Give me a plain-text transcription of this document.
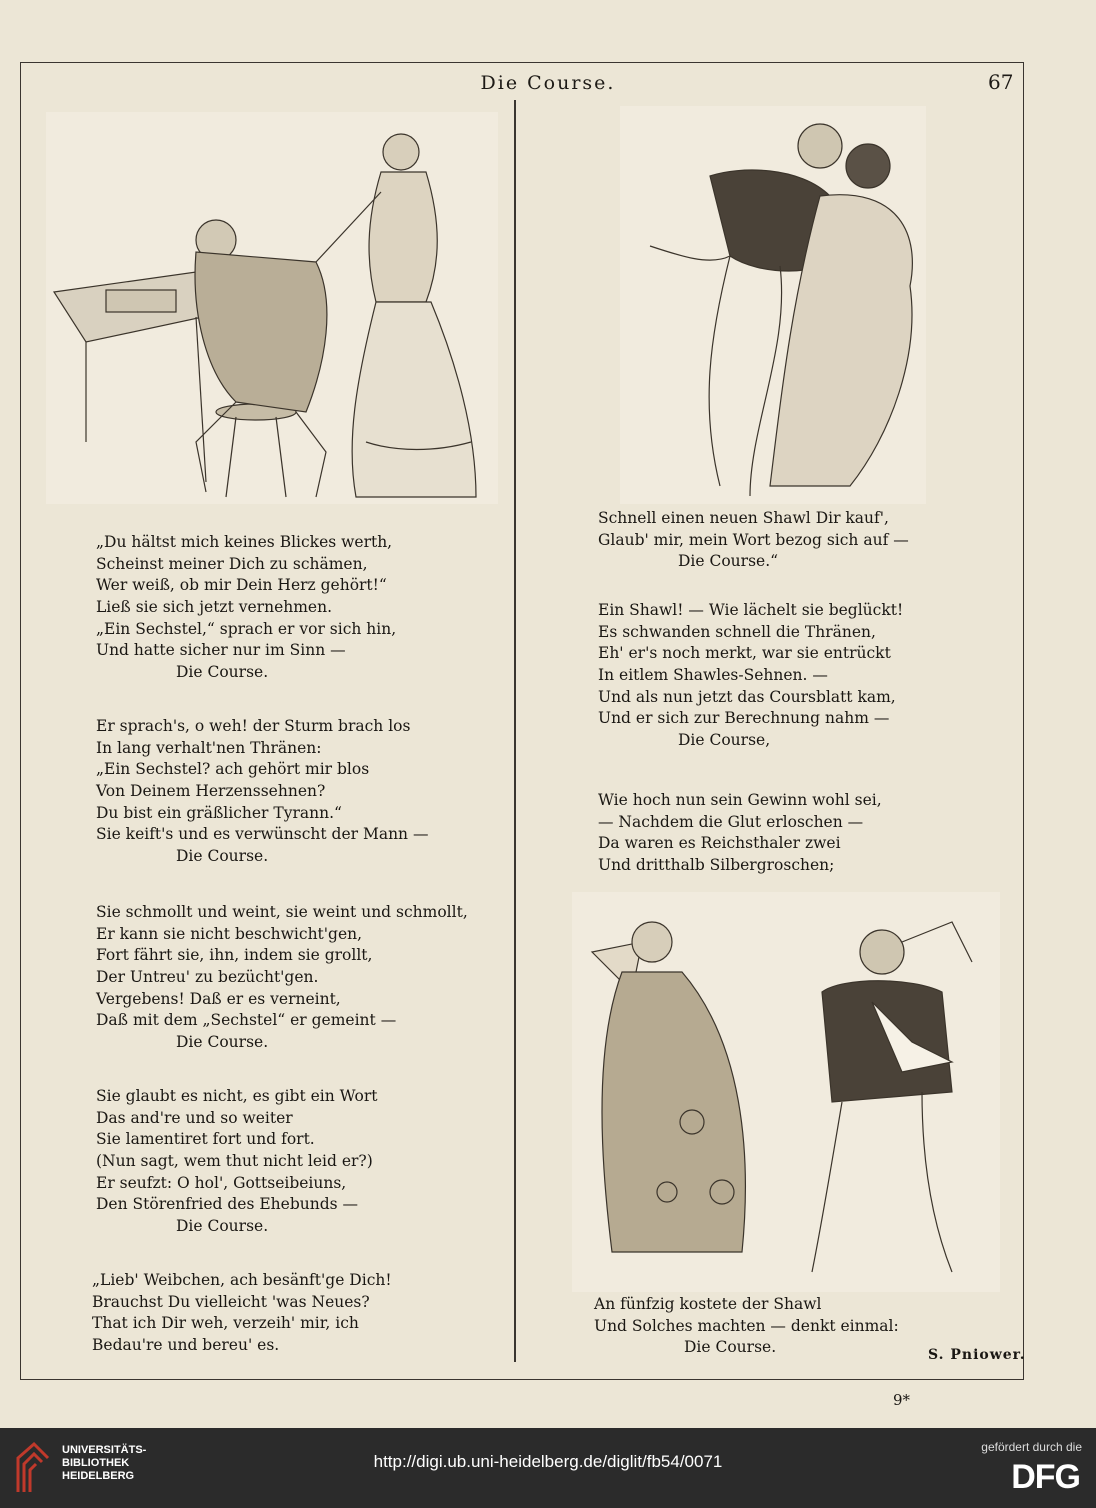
Die Course.	67
„Du hältst mich keines Blickes werth,
Scheinst meiner Dich zu schämen,
Wer weiß, ob mir Dein Herz gehört!“
Ließ sie sich jetzt vernehmen.
„Ein Sechstel,“ sprach er vor sich hin,
Und hatte sicher nur im Sinn —
Die Course.
Er sprach's, o weh! der Sturm brach los
In lang verhalt'nen Thränen:
„Ein Sechstel? ach gehört mir blos
Von Deinem Herzenssehnen?
Du bist ein gräßlicher Tyrann.“
Sie keift's und es verwünscht der Mann —
Die Course.
Sie schmollt und weint, sie weint und schmollt,
Er kann sie nicht beschwicht'gen,
Fort fährt sie, ihn, indem sie grollt,
Der Untreu' zu bezücht'gen.
Vergebens! Daß er es verneint,
Daß mit dem „Sechstel“ er gemeint —
Die Course.
Sie glaubt es nicht, es gibt ein Wort
Das and're und so weiter
Sie lamentiret fort und fort.
(Nun sagt, wem thut nicht leid er?)
Er seufzt: O hol', Gottseibeiuns,
Den Störenfried des Ehebunds —
Die Course.
„Lieb' Weibchen, ach besänft'ge Dich!
Brauchst Du vielleicht 'was Neues?
That ich Dir weh, verzeih' mir, ich
Bedau're und bereu' es.
Schnell einen neuen Shawl Dir kauf',
Glaub' mir, mein Wort bezog sich auf —
Die Course.“
Ein Shawl! — Wie lächelt sie beglückt!
Es schwanden schnell die Thränen,
Eh' er's noch merkt, war sie entrückt
In eitlem Shawles-Sehnen. —
Und als nun jetzt das Coursblatt kam,
Und er sich zur Berechnung nahm —
Die Course,
Wie hoch nun sein Gewinn wohl sei,
— Nachdem die Glut erloschen —
Da waren es Reichsthaler zwei
Und dritthalb Silbergroschen;
An fünfzig kostete der Shawl
Und Solches machten — denkt einmal:
Die Course.	S. Pniower.
9*
UNIVERSITÄTS-
BIBLIOTHEK
HEIDELBERG
http://digi.ub.uni-heidelberg.de/diglit/fb54/0071
gefördert durch die
DFG
